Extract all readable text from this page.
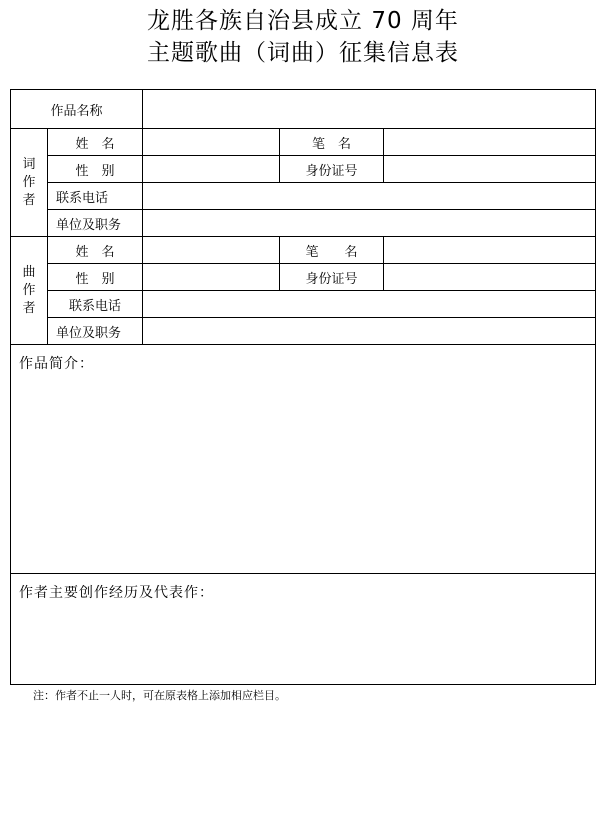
龙胜各族自治县成立 70 周年
主题歌曲（词曲）征集信息表
作品名称				

词
作
者	姓　名		笔　名	
	性　别		身份证号	
	联系电话			
	单位及职务			

曲
作
者	姓　名		笔　　名	
	性　别		身份证号	
	联系电话			
	单位及职务			
作品简介：				
作者主要创作经历及代表作：				
注：作者不止一人时，可在原表格上添加相应栏目。
